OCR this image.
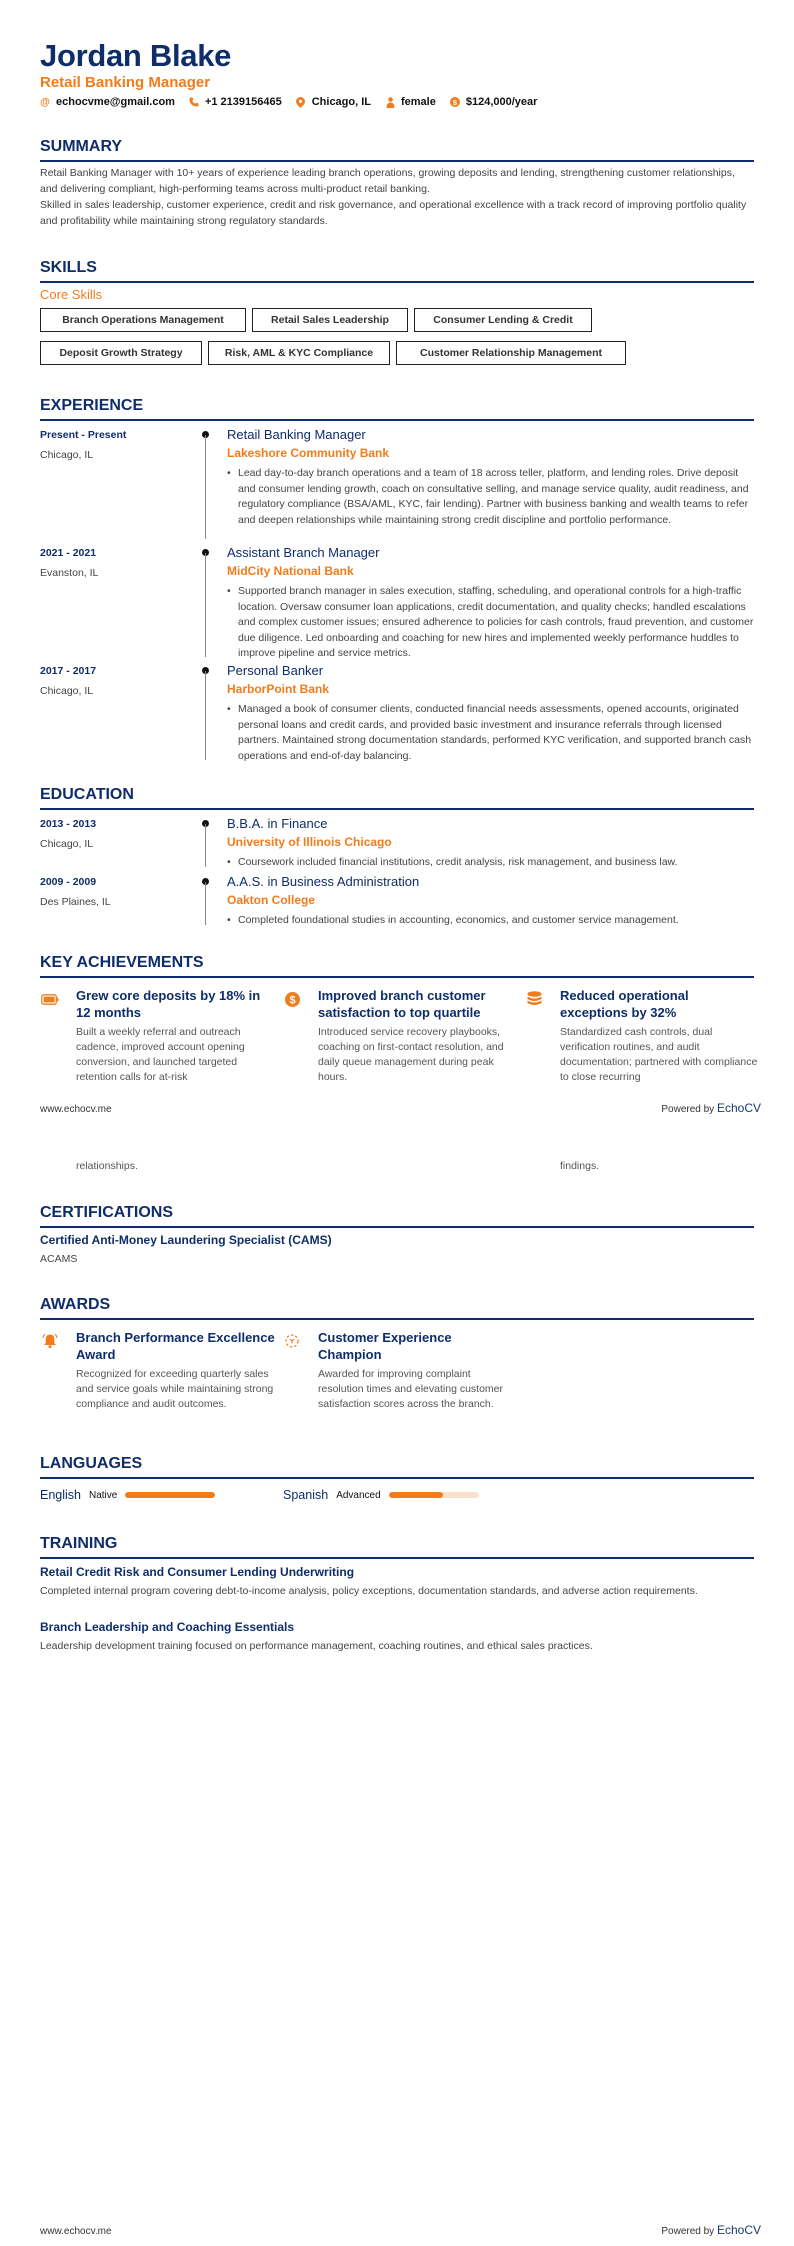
Jordan Blake
Retail Banking Manager
@ echocvme@gmail.com	+1 2139156465	Chicago, IL	female $ $124,000/year
SUMMARY
Retail Banking Manager with 10+ years of experience leading branch operations, growing deposits and lending, strengthening customer relationships, and delivering compliant, high-performing teams across multi-product retail banking.
Skilled in sales leadership, customer experience, credit and risk governance, and operational excellence with a track record of improving portfolio quality and profitability while maintaining strong regulatory standards.
SKILLS
Core Skills
Branch Operations Management	Retail Sales Leadership	Consumer Lending & Credit
Deposit Growth Strategy	Risk, AML & KYC Compliance	Customer Relationship Management
EXPERIENCE
Present - Present
Chicago, IL
Retail Banking Manager
Lakeshore Community Bank
• Lead day-to-day branch operations and a team of 18 across teller, platform, and lending roles. Drive deposit and consumer lending growth, coach on consultative selling, and manage service quality, audit readiness, and regulatory compliance (BSA/AML, KYC, fair lending). Partner with business banking and wealth teams to refer and deepen relationships while maintaining strong credit discipline and portfolio performance.
2021 - 2021
Evanston, IL
Assistant Branch Manager
MidCity National Bank
• Supported branch manager in sales execution, staffing, scheduling, and operational controls for a high-traffic location. Oversaw consumer loan applications, credit documentation, and quality checks; handled escalations and complex customer issues; ensured adherence to policies for cash controls, fraud prevention, and customer due diligence. Led onboarding and coaching for new hires and implemented weekly performance huddles to improve pipeline and service metrics.
2017 - 2017
Chicago, IL
Personal Banker
HarborPoint Bank
• Managed a book of consumer clients, conducted financial needs assessments, opened accounts, originated personal loans and credit cards, and provided basic investment and insurance referrals through licensed partners. Maintained strong documentation standards, performed KYC verification, and supported branch cash operations and end-of-day balancing.
EDUCATION
2013 - 2013
Chicago, IL
B.B.A. in Finance
University of Illinois Chicago
• Coursework included financial institutions, credit analysis, risk management, and business law.
2009 - 2009
Des Plaines, IL
A.A.S. in Business Administration
Oakton College
• Completed foundational studies in accounting, economics, and customer service management.
KEY ACHIEVEMENTS
Grew core deposits by 18% in 12 months
Built a weekly referral and outreach cadence, improved account opening conversion, and launched targeted retention calls for at-risk
$ Improved branch customer satisfaction to top quartile
Introduced service recovery playbooks, coaching on first-contact resolution, and daily queue management during peak hours.
Reduced operational exceptions by 32%
Standardized cash controls, dual verification routines, and audit documentation; partnered with compliance to close recurring
www.echocv.me	Powered by EchoCV
relationships.	findings.
CERTIFICATIONS
Certified Anti-Money Laundering Specialist (CAMS)
ACAMS
AWARDS
Branch Performance Excellence Award
Recognized for exceeding quarterly sales and service goals while maintaining strong compliance and audit outcomes.
Customer Experience Champion
Awarded for improving complaint resolution times and elevating customer satisfaction scores across the branch.
LANGUAGES
English Native	Spanish Advanced
TRAINING
Retail Credit Risk and Consumer Lending Underwriting
Completed internal program covering debt-to-income analysis, policy exceptions, documentation standards, and adverse action requirements.
Branch Leadership and Coaching Essentials
Leadership development training focused on performance management, coaching routines, and ethical sales practices.
www.echocv.me	Powered by EchoCV
